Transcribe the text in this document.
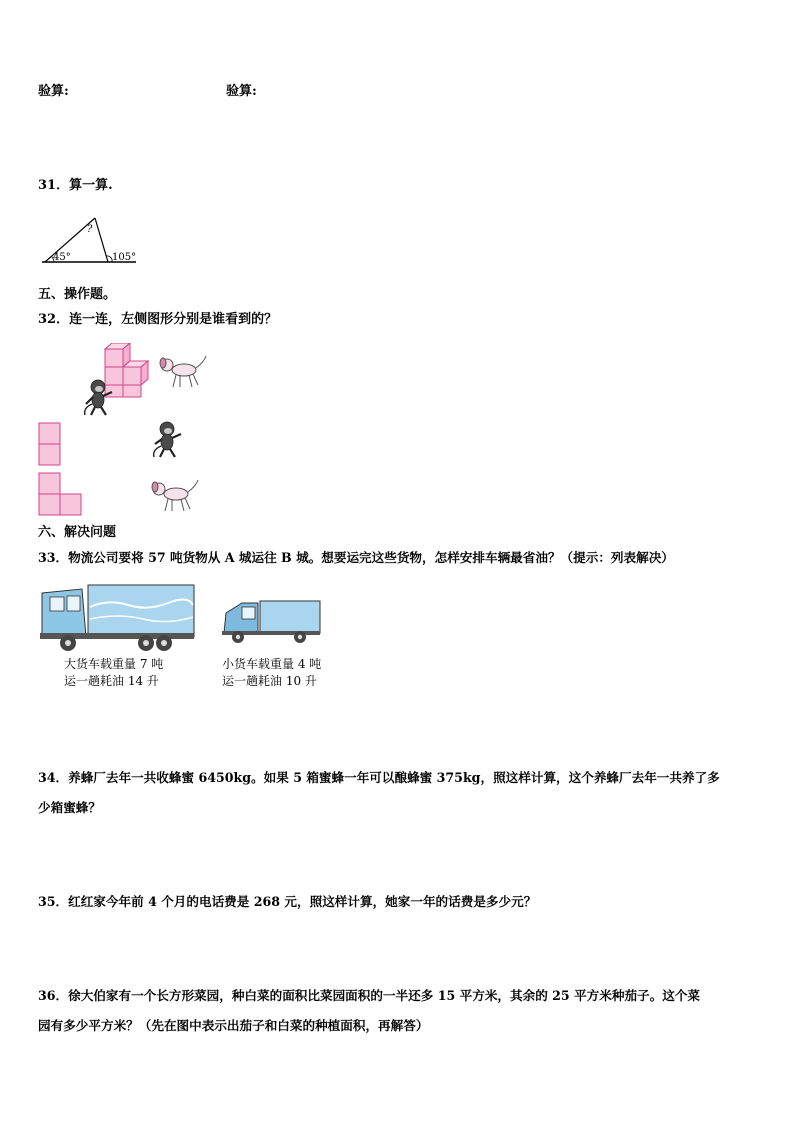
验算:	验算:
31．算一算.
?
45°	105°
五、操作题。
32．连一连，左侧图形分别是谁看到的？
六、解决问题
33．物流公司要将 57 吨货物从 A 城运往 B 城。想要运完这些货物，怎样安排车辆最省油？（提示：列表解决）
大货车载重量 7 吨
运一趟耗油 14 升
小货车载重量 4 吨
运一趟耗油 10 升
34．养蜂厂去年一共收蜂蜜 6450kg。如果 5 箱蜜蜂一年可以酿蜂蜜 375kg，照这样计算，这个养蜂厂去年一共养了多
少箱蜜蜂？
35．红红家今年前 4 个月的电话费是 268 元，照这样计算，她家一年的话费是多少元？
36．徐大伯家有一个长方形菜园，种白菜的面积比菜园面积的一半还多 15 平方米，其余的 25 平方米种茄子。这个菜
园有多少平方米？（先在图中表示出茄子和白菜的种植面积，再解答）
